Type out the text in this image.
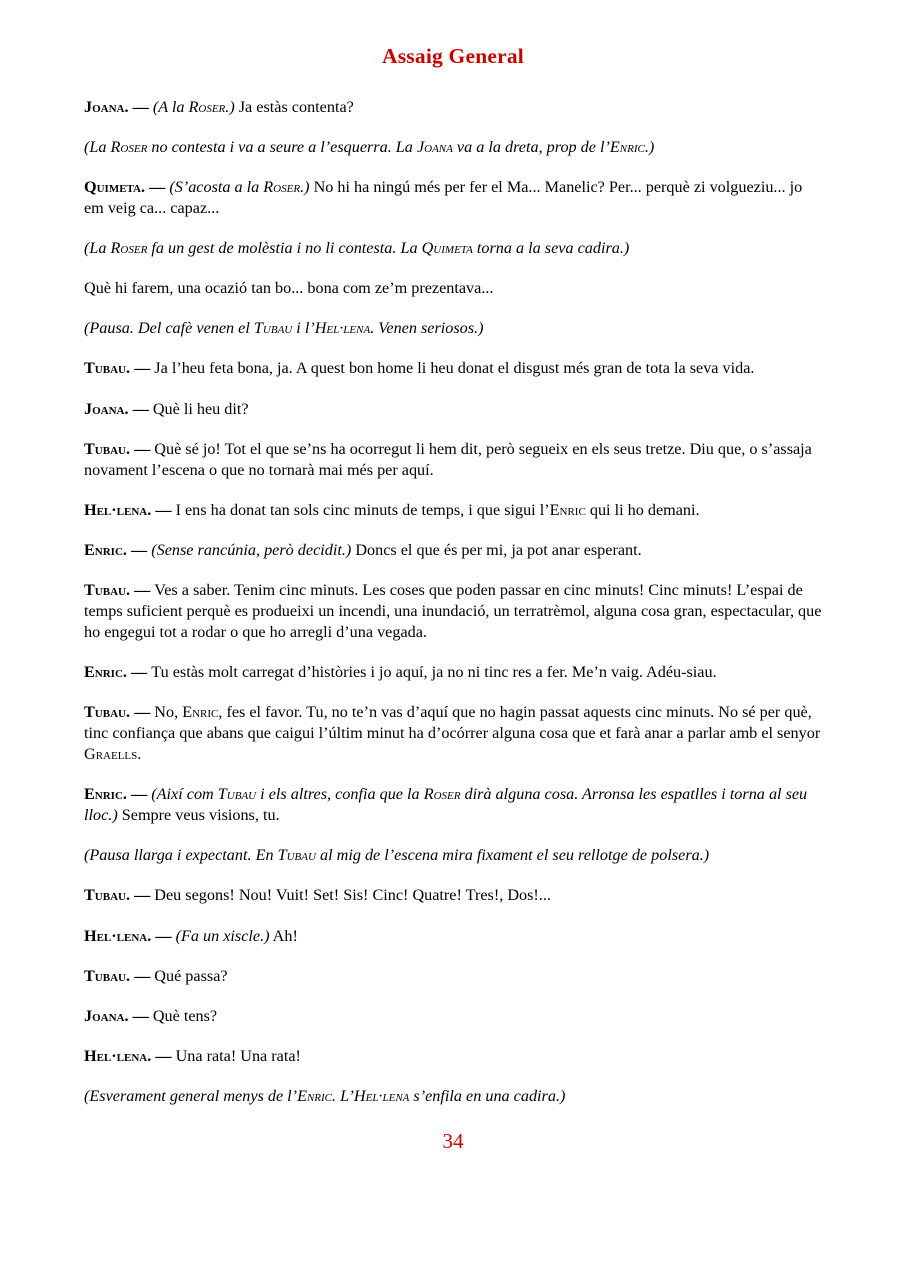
Assaig General

Joana. — (A la Roser.) Ja estàs contenta?

(La Roser no contesta i va a seure a l’esquerra. La Joana va a la dreta, prop de l’Enric.)

Quimeta. — (S’acosta a la Roser.) No hi ha ningú més per fer el Ma... Manelic? Per... perquè zi volgueziu... jo em veig ca... capaz...

(La Roser fa un gest de molèstia i no li contesta. La Quimeta torna a la seva cadira.)

Què hi farem, una ocazió tan bo... bona com ze’m prezentava...

(Pausa. Del cafè venen el Tubau i l’Hel·lena. Venen seriosos.)

Tubau. — Ja l’heu feta bona, ja. A quest bon home li heu donat el disgust més gran de tota la seva vida.

Joana. — Què li heu dit?

Tubau. — Què sé jo! Tot el que se’ns ha ocorregut li hem dit, però segueix en els seus tretze. Diu que, o s’assaja novament l’escena o que no tornarà mai més per aquí.

Hel·lena. — I ens ha donat tan sols cinc minuts de temps, i que sigui l’Enric qui li ho demani.

Enric. — (Sense rancúnia, però decidit.) Doncs el que és per mi, ja pot anar esperant.

Tubau. — Ves a saber. Tenim cinc minuts. Les coses que poden passar en cinc minuts! Cinc minuts! L’espai de temps suficient perquè es produeixi un incendi, una inundació, un terratrèmol, alguna cosa gran, espectacular, que ho engegui tot a rodar o que ho arregli d’una vegada.

Enric. — Tu estàs molt carregat d’històries i jo aquí, ja no ni tinc res a fer. Me’n vaig. Adéu-siau.

Tubau. — No, Enric, fes el favor. Tu, no te’n vas d’aquí que no hagin passat aquests cinc minuts. No sé per què, tinc confiança que abans que caigui l’últim minut ha d’ocórrer alguna cosa que et farà anar a parlar amb el senyor Graells.

Enric. — (Així com Tubau i els altres, confia que la Roser dirà alguna cosa. Arronsa les espatlles i torna al seu lloc.) Sempre veus visions, tu.

(Pausa llarga i expectant. En Tubau al mig de l’escena mira fixament el seu rellotge de polsera.)

Tubau. — Deu segons! Nou! Vuit! Set! Sis! Cinc! Quatre! Tres!, Dos!...

Hel·lena. — (Fa un xiscle.) Ah!

Tubau. — Qué passa?

Joana. — Què tens?

Hel·lena. — Una rata! Una rata!

(Esverament general menys de l’Enric. L’Hel·lena s’enfila en una cadira.)

34
